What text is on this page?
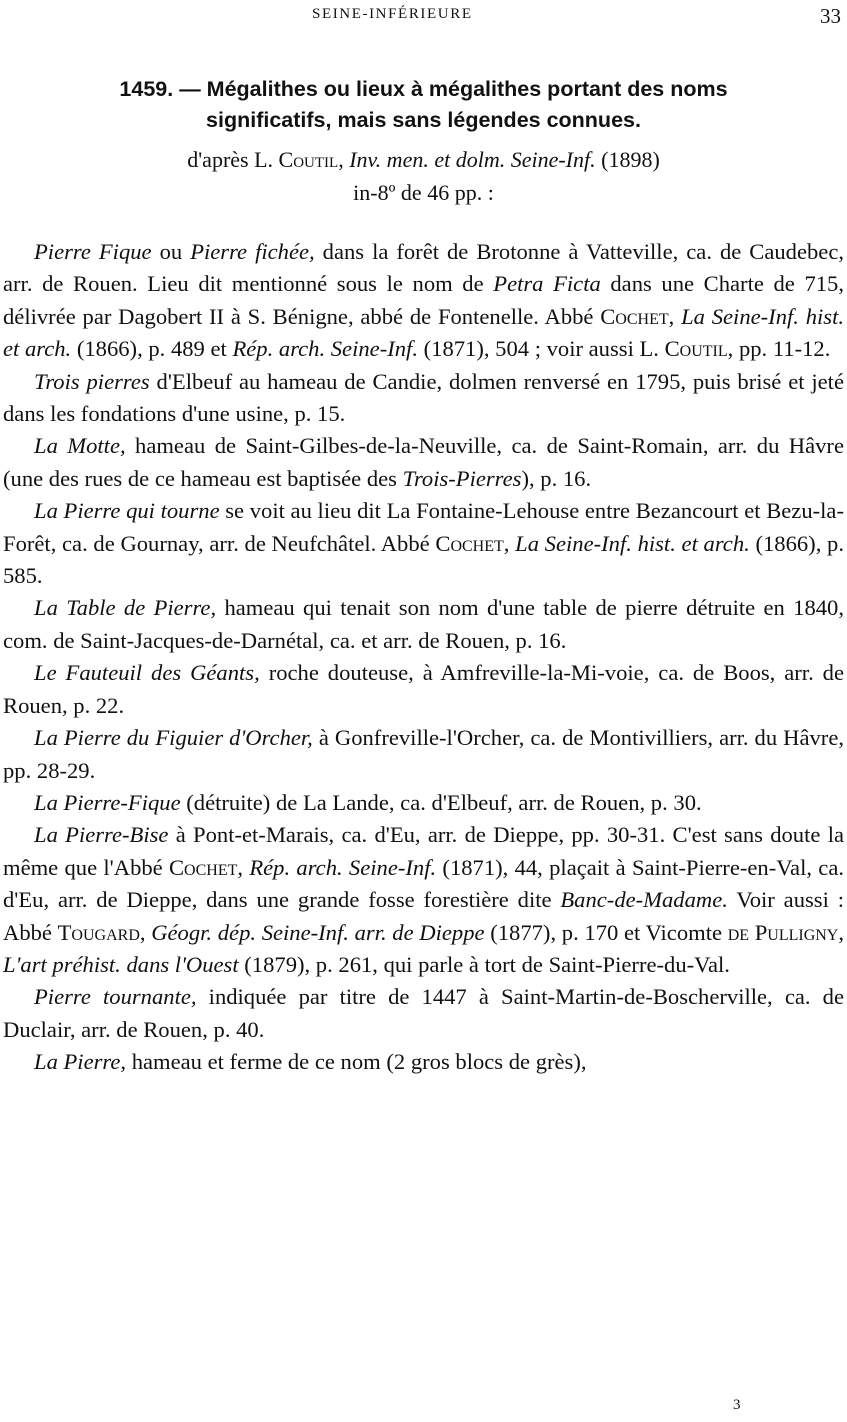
SEINE-INFÉRIEURE	33
1459. — Mégalithes ou lieux à mégalithes portant des noms
significatifs, mais sans légendes connues.
d'après L. Coutil, Inv. men. et dolm. Seine-Inf. (1898)
in-8º de 46 pp. :

Pierre Fique ou Pierre fichée, dans la forêt de Brotonne à Vatteville, ca. de Caudebec, arr. de Rouen. Lieu dit mentionné sous le nom de Petra Ficta dans une Charte de 715, délivrée par Dagobert II à S. Bénigne, abbé de Fontenelle. Abbé Cochet, La Seine-Inf. hist. et arch. (1866), p. 489 et Rép. arch. Seine-Inf. (1871), 504 ; voir aussi L. Coutil, pp. 11-12.

Trois pierres d'Elbeuf au hameau de Candie, dolmen renversé en 1795, puis brisé et jeté dans les fondations d'une usine, p. 15.

La Motte, hameau de Saint-Gilbes-de-la-Neuville, ca. de Saint-Romain, arr. du Hâvre (une des rues de ce hameau est baptisée des Trois-Pierres), p. 16.

La Pierre qui tourne se voit au lieu dit La Fontaine-Lehouse entre Bezancourt et Bezu-la-Forêt, ca. de Gournay, arr. de Neufchâtel. Abbé Cochet, La Seine-Inf. hist. et arch. (1866), p. 585.

La Table de Pierre, hameau qui tenait son nom d'une table de pierre détruite en 1840, com. de Saint-Jacques-de-Darnétal, ca. et arr. de Rouen, p. 16.

Le Fauteuil des Géants, roche douteuse, à Amfreville-la-Mi-voie, ca. de Boos, arr. de Rouen, p. 22.

La Pierre du Figuier d'Orcher, à Gonfreville-l'Orcher, ca. de Montivilliers, arr. du Hâvre, pp. 28-29.

La Pierre-Fique (détruite) de La Lande, ca. d'Elbeuf, arr. de Rouen, p. 30.

La Pierre-Bise à Pont-et-Marais, ca. d'Eu, arr. de Dieppe, pp. 30-31. C'est sans doute la même que l'Abbé Cochet, Rép. arch. Seine-Inf. (1871), 44, plaçait à Saint-Pierre-en-Val, ca. d'Eu, arr. de Dieppe, dans une grande fosse forestière dite Banc-de-Madame. Voir aussi : Abbé Tougard, Géogr. dép. Seine-Inf. arr. de Dieppe (1877), p. 170 et Vicomte de Pulligny, L'art préhist. dans l'Ouest (1879), p. 261, qui parle à tort de Saint-Pierre-du-Val.

Pierre tournante, indiquée par titre de 1447 à Saint-Martin-de-Boscherville, ca. de Duclair, arr. de Rouen, p. 40.

La Pierre, hameau et ferme de ce nom (2 gros blocs de grès),

3
